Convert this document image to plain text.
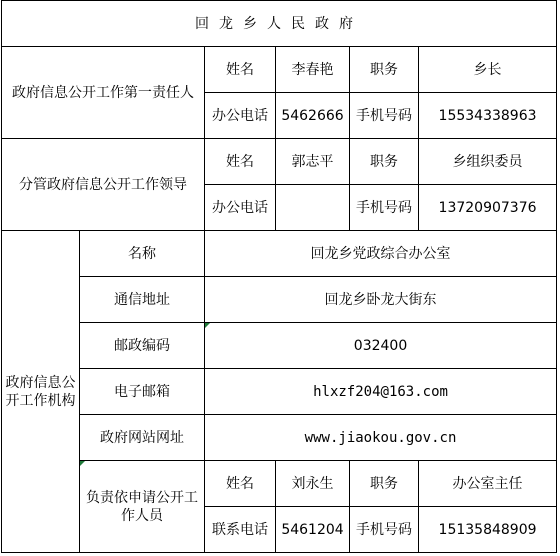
回龙乡人民政府					
政府信息公开工作第一责任人		姓名	李春艳	职务	乡长
		办公电话	5462666	手机号码	15534338963
分管政府信息公开工作领导		姓名	郭志平	职务	乡组织委员
		办公电话		手机号码	13720907376
政府信息公开工作机构	名称	回龙乡党政综合办公室			
	通信地址	回龙乡卧龙大街东			
	邮政编码	032400			
	电子邮箱	hlxzf204@163.com			
	政府网站网址	www.jiaokou.gov.cn			

负责依申请公开工作人员	姓名	刘永生	职务	办公室主任
		联系电话	5461204	手机号码	15135848909
